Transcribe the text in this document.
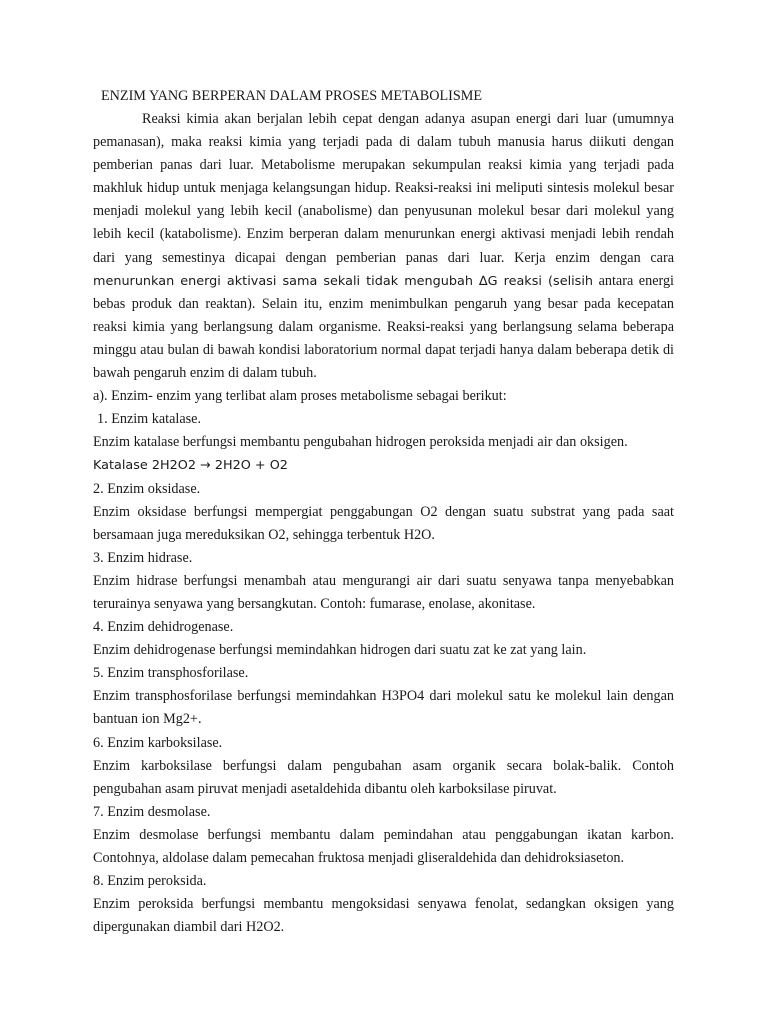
ENZIM YANG BERPERAN DALAM PROSES METABOLISME

Reaksi kimia akan berjalan lebih cepat dengan adanya asupan energi dari luar (umumnya pemanasan), maka reaksi kimia yang terjadi pada di dalam tubuh manusia harus diikuti dengan pemberian panas dari luar. Metabolisme merupakan sekumpulan reaksi kimia yang terjadi pada makhluk hidup untuk menjaga kelangsungan hidup. Reaksi-reaksi ini meliputi sintesis molekul besar menjadi molekul yang lebih kecil (anabolisme) dan penyusunan molekul besar dari molekul yang lebih kecil (katabolisme). Enzim berperan dalam menurunkan energi aktivasi menjadi lebih rendah dari yang semestinya dicapai dengan pemberian panas dari luar. Kerja enzim dengan cara menurunkan energi aktivasi sama sekali tidak mengubah ∆G reaksi (selisih antara energi bebas produk dan reaktan). Selain itu, enzim menimbulkan pengaruh yang besar pada kecepatan reaksi kimia yang berlangsung dalam organisme. Reaksi-reaksi yang berlangsung selama beberapa minggu atau bulan di bawah kondisi laboratorium normal dapat terjadi hanya dalam beberapa detik di bawah pengaruh enzim di dalam tubuh.

a). Enzim- enzim yang terlibat alam proses metabolisme sebagai berikut:

1. Enzim katalase.

Enzim katalase berfungsi membantu pengubahan hidrogen peroksida menjadi air dan oksigen.

Katalase 2H2O2 → 2H2O + O2

2. Enzim oksidase.

Enzim oksidase berfungsi mempergiat penggabungan O2 dengan suatu substrat yang pada saat bersamaan juga mereduksikan O2, sehingga terbentuk H2O.

3. Enzim hidrase.

Enzim hidrase berfungsi menambah atau mengurangi air dari suatu senyawa tanpa menyebabkan terurainya senyawa yang bersangkutan. Contoh: fumarase, enolase, akonitase.

4. Enzim dehidrogenase.

Enzim dehidrogenase berfungsi memindahkan hidrogen dari suatu zat ke zat yang lain.

5. Enzim transphosforilase.

Enzim transphosforilase berfungsi memindahkan H3PO4 dari molekul satu ke molekul lain dengan bantuan ion Mg2+.

6. Enzim karboksilase.

Enzim karboksilase berfungsi dalam pengubahan asam organik secara bolak-balik. Contoh pengubahan asam piruvat menjadi asetaldehida dibantu oleh karboksilase piruvat.

7. Enzim desmolase.

Enzim desmolase berfungsi membantu dalam pemindahan atau penggabungan ikatan karbon. Contohnya, aldolase dalam pemecahan fruktosa menjadi gliseraldehida dan dehidroksiaseton.

8. Enzim peroksida.

Enzim peroksida berfungsi membantu mengoksidasi senyawa fenolat, sedangkan oksigen yang dipergunakan diambil dari H2O2.
